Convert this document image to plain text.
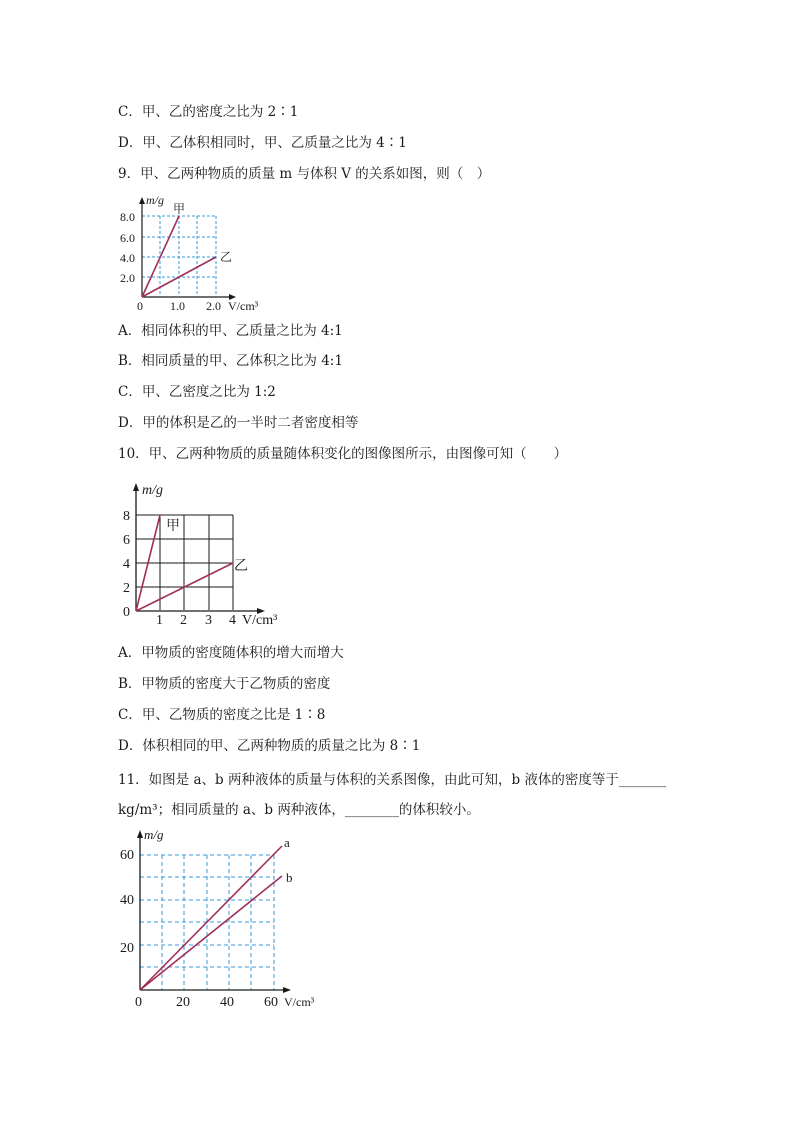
C．甲、乙的密度之比为 2∶1
D．甲、乙体积相同时，甲、乙质量之比为 4∶1
9．甲、乙两种物质的质量 m 与体积 V 的关系如图，则（　）
m/g
甲
乙
8.0
6.0
4.0
2.0
0 1.0 2.0 V/cm³
A．相同体积的甲、乙质量之比为 4:1
B．相同质量的甲、乙体积之比为 4:1
C．甲、乙密度之比为 1:2
D．甲的体积是乙的一半时二者密度相等
10．甲、乙两种物质的质量随体积变化的图像图所示，由图像可知（　　）
m/g
甲
乙
8
6
4
2
0
1 2 3 4 V/cm³
A．甲物质的密度随体积的增大而增大
B．甲物质的密度大于乙物质的密度
C．甲、乙物质的密度之比是 1∶8
D．体积相同的甲、乙两种物质的质量之比为 8∶1
11．如图是 a、b 两种液体的质量与体积的关系图像，由此可知，b 液体的密度等于_______
kg/m³；相同质量的 a、b 两种液体，________的体积较小。
m/g
a
b
60
40
20
0 20 40 60 V/cm³
